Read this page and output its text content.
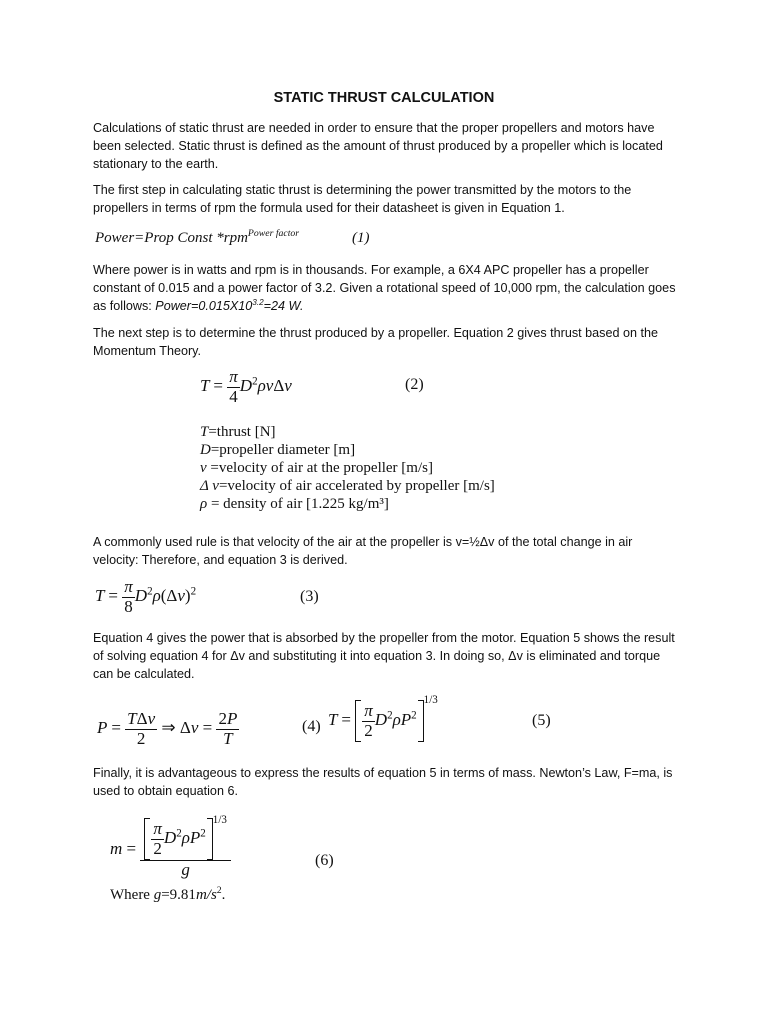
STATIC THRUST CALCULATION
Calculations of static thrust are needed in order to ensure that the proper propellers and motors have been selected. Static thrust is defined as the amount of thrust produced by a propeller which is located stationary to the earth.
The first step in calculating static thrust is determining the power transmitted by the motors to the propellers in terms of rpm the formula used for their datasheet is given in Equation 1.
Power=Prop Const *rpm$^{Power factor}$	(1)
Where power is in watts and rpm is in thousands. For example, a 6X4 APC propeller has a propeller constant of 0.015 and a power factor of 3.2. Given a rotational speed of 10,000 rpm, the calculation goes as follows: $Power=0.015X10^{3.2}=24$ W.
The next step is to determine the thrust produced by a propeller. Equation 2 gives thrust based on the Momentum Theory.
$T = \frac{\pi}{4} D^2\rho v\Delta v$	(2)
T=thrust [N]
D=propeller diameter [m]
v =velocity of air at the propeller [m/s]
Δ v=velocity of air accelerated by propeller [m/s]
ρ = density of air [1.225 kg/m³]
A commonly used rule is that velocity of the air at the propeller is v=½Δv of the total change in air velocity: Therefore, and equation 3 is derived.
$T = \frac{\pi}{8} D^2\rho(\Delta v)^2$	(3)
Equation 4 gives the power that is absorbed by the propeller from the motor. Equation 5 shows the result of solving equation 4 for Δv and substituting it into equation 3. In doing so, Δv is eliminated and torque can be calculated.
$P = \frac{\text{TΔv}}{2}$ ⇒ $\Delta v = \frac{2P}{T}$	(4) $T = \frac{\pi}{2} D^2\rho P^2$
$^{1/3}$
(5)
Finally, it is advantageous to express the results of equation 5 in terms of mass. Newton’s Law, F=ma, is used to obtain equation 6.
$m = \frac{\pi}{2} D^2\rho P^2$
$^{1/3}$
g	(6)
Where $g=9.81m/s^2$.
